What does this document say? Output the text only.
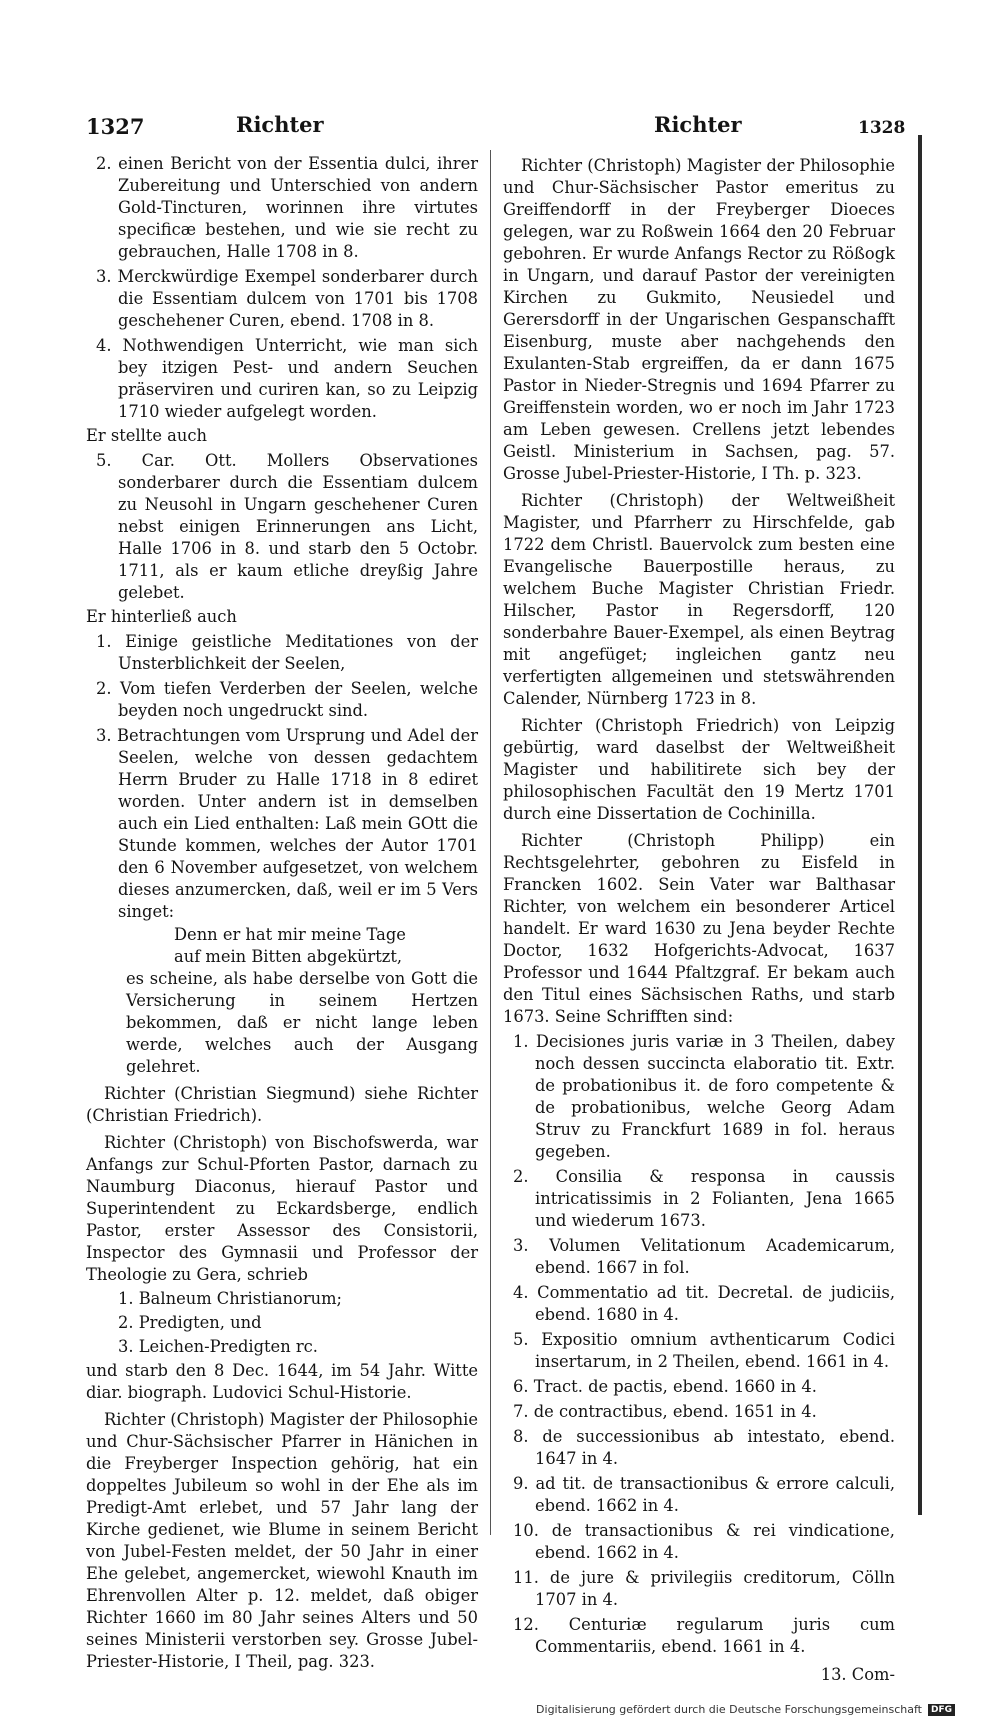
1327	Richter	Richter	1328

2. einen Bericht von der Essentia dulci, ihrer Zubereitung und Unterschied von andern Gold-Tincturen, worinnen ihre virtutes specificæ bestehen, und wie sie recht zu gebrauchen, Halle 1708 in 8.

3. Merckwürdige Exempel sonderbarer durch die Essentiam dulcem von 1701 bis 1708 geschehener Curen, ebend. 1708 in 8.

4. Nothwendigen Unterricht, wie man sich bey itzigen Pest- und andern Seuchen präserviren und curiren kan, so zu Leipzig 1710 wieder aufgelegt worden.

Er stellte auch

5. Car. Ott. Mollers Observationes sonderbarer durch die Essentiam dulcem zu Neusohl in Ungarn geschehener Curen nebst einigen Erinnerungen ans Licht, Halle 1706 in 8. und starb den 5 Octobr. 1711, als er kaum etliche dreyßig Jahre gelebet.

Er hinterließ auch

1. Einige geistliche Meditationes von der Unsterblichkeit der Seelen,

2. Vom tiefen Verderben der Seelen, welche beyden noch ungedruckt sind.

3. Betrachtungen vom Ursprung und Adel der Seelen, welche von dessen gedachtem Herrn Bruder zu Halle 1718 in 8 ediret worden. Unter andern ist in demselben auch ein Lied enthalten: Laß mein GOtt die Stunde kommen, welches der Autor 1701 den 6 November aufgesetzet, von welchem dieses anzumercken, daß, weil er im 5 Vers singet:

Denn er hat mir meine Tage

auf mein Bitten abgekürtzt,

es scheine, als habe derselbe von Gott die Versicherung in seinem Hertzen bekommen, daß er nicht lange leben werde, welches auch der Ausgang gelehret.

Richter (Christian Siegmund) siehe Richter (Christian Friedrich).

Richter (Christoph) von Bischofswerda, war Anfangs zur Schul-Pforten Pastor, darnach zu Naumburg Diaconus, hierauf Pastor und Superintendent zu Eckardsberge, endlich Pastor, erster Assessor des Consistorii, Inspector des Gymnasii und Professor der Theologie zu Gera, schrieb

1. Balneum Christianorum;

2. Predigten, und

3. Leichen-Predigten rc.

und starb den 8 Dec. 1644, im 54 Jahr. Witte diar. biograph. Ludovici Schul-Historie.

Richter (Christoph) Magister der Philosophie und Chur-Sächsischer Pfarrer in Hänichen in die Freyberger Inspection gehörig, hat ein doppeltes Jubileum so wohl in der Ehe als im Predigt-Amt erlebet, und 57 Jahr lang der Kirche gedienet, wie Blume in seinem Bericht von Jubel-Festen meldet, der 50 Jahr in einer Ehe gelebet, angemercket, wiewohl Knauth im Ehrenvollen Alter p. 12. meldet, daß obiger Richter 1660 im 80 Jahr seines Alters und 50 seines Ministerii verstorben sey. Grosse Jubel-Priester-Historie, I Theil, pag. 323.

Richter (Christoph) Magister der Philosophie und Chur-Sächsischer Pastor emeritus zu Greiffendorff in der Freyberger Dioeces gelegen, war zu Roßwein 1664 den 20 Februar gebohren. Er wurde Anfangs Rector zu Rößogk in Ungarn, und darauf Pastor der vereinigten Kirchen zu Gukmito, Neusiedel und Gerersdorff in der Ungarischen Gespanschafft Eisenburg, muste aber nachgehends den Exulanten-Stab ergreiffen, da er dann 1675 Pastor in Nieder-Stregnis und 1694 Pfarrer zu Greiffenstein worden, wo er noch im Jahr 1723 am Leben gewesen. Crellens jetzt lebendes Geistl. Ministerium in Sachsen, pag. 57. Grosse Jubel-Priester-Historie, I Th. p. 323.

Richter (Christoph) der Weltweißheit Magister, und Pfarrherr zu Hirschfelde, gab 1722 dem Christl. Bauervolck zum besten eine Evangelische Bauerpostille heraus, zu welchem Buche Magister Christian Friedr. Hilscher, Pastor in Regersdorff, 120 sonderbahre Bauer-Exempel, als einen Beytrag mit angefüget; ingleichen gantz neu verfertigten allgemeinen und stetswährenden Calender, Nürnberg 1723 in 8.

Richter (Christoph Friedrich) von Leipzig gebürtig, ward daselbst der Weltweißheit Magister und habilitirete sich bey der philosophischen Facultät den 19 Mertz 1701 durch eine Dissertation de Cochinilla.

Richter (Christoph Philipp) ein Rechtsgelehrter, gebohren zu Eisfeld in Francken 1602. Sein Vater war Balthasar Richter, von welchem ein besonderer Articel handelt. Er ward 1630 zu Jena beyder Rechte Doctor, 1632 Hofgerichts-Advocat, 1637 Professor und 1644 Pfaltzgraf. Er bekam auch den Titul eines Sächsischen Raths, und starb 1673. Seine Schrifften sind:

1. Decisiones juris variæ in 3 Theilen, dabey noch dessen succincta elaboratio tit. Extr. de probationibus it. de foro competente & de probationibus, welche Georg Adam Struv zu Franckfurt 1689 in fol. heraus gegeben.

2. Consilia & responsa in caussis intricatissimis in 2 Folianten, Jena 1665 und wiederum 1673.

3. Volumen Velitationum Academicarum, ebend. 1667 in fol.

4. Commentatio ad tit. Decretal. de judiciis, ebend. 1680 in 4.

5. Expositio omnium avthenticarum Codici insertarum, in 2 Theilen, ebend. 1661 in 4.

6. Tract. de pactis, ebend. 1660 in 4.

7. de contractibus, ebend. 1651 in 4.

8. de successionibus ab intestato, ebend. 1647 in 4.

9. ad tit. de transactionibus & errore calculi, ebend. 1662 in 4.

10. de transactionibus & rei vindicatione, ebend. 1662 in 4.

11. de jure & privilegiis creditorum, Cölln 1707 in 4.

12. Centuriæ regularum juris cum Commentariis, ebend. 1661 in 4.

13. Com-

Digitalisierung gefördert durch die Deutsche Forschungsgemeinschaft	DFG
